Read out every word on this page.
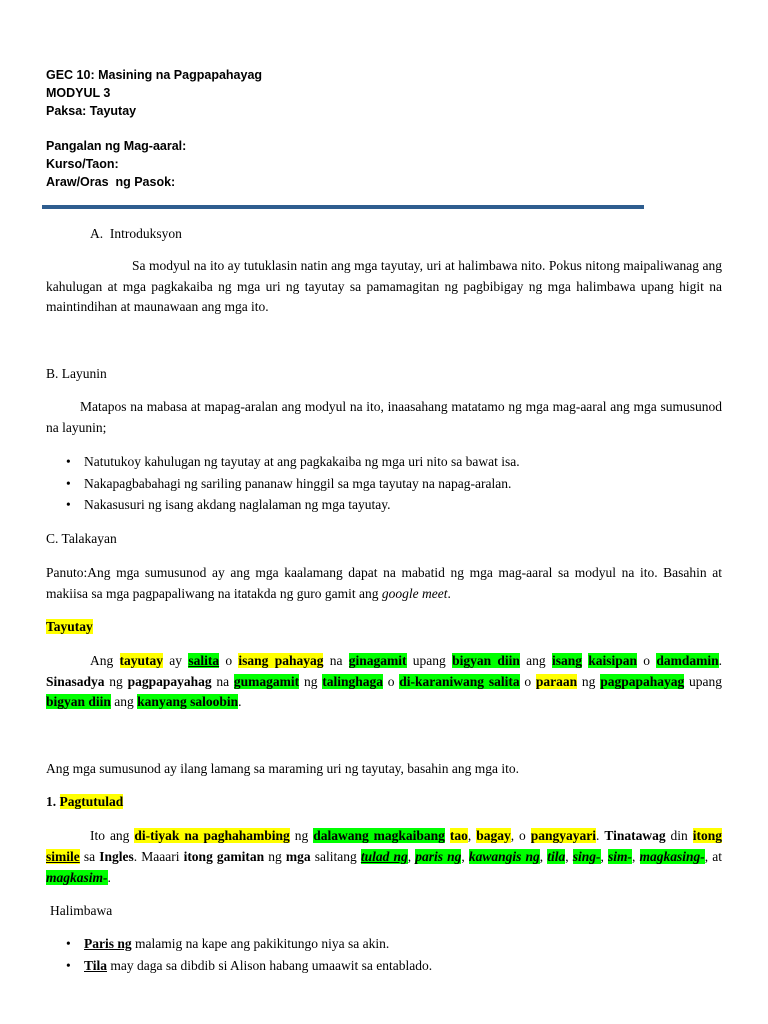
GEC 10: Masining na Pagpapahayag
MODYUL 3
Paksa: Tayutay
Pangalan ng Mag-aaral:
Kurso/Taon:
Araw/Oras  ng Pasok:
A.  Introduksyon
Sa modyul na ito ay tutuklasin natin ang mga tayutay, uri at halimbawa nito. Pokus nitong maipaliwanag ang kahulugan at mga pagkakaiba ng mga uri ng tayutay sa pamamagitan ng pagbibigay ng mga halimbawa upang higit na maintindihan at maunawaan ang mga ito.
B. Layunin
Matapos na mabasa at mapag-aralan ang modyul na ito, inaasahang matatamo ng mga mag-aaral ang mga sumusunod na layunin;
• Natutukoy kahulugan ng tayutay at ang pagkakaiba ng mga uri nito sa bawat isa.
• Nakapagbabahagi ng sariling pananaw hinggil sa mga tayutay na napag-aralan.
• Nakasusuri ng isang akdang naglalaman ng mga tayutay.
C. Talakayan
Panuto:Ang mga sumusunod ay ang mga kaalamang dapat na mabatid ng mga mag-aaral sa modyul na ito. Basahin at makiisa sa mga pagpapaliwang na itatakda ng guro gamit ang google meet.
Tayutay
Ang tayutay ay salita o isang pahayag na ginagamit upang bigyan diin ang isang kaisipan o damdamin. Sinasadya ng pagpapayahag na gumagamit ng talinghaga o di-karaniwang salita o paraan ng pagpapahayag upang bigyan diin ang kanyang saloobin.
Ang mga sumusunod ay ilang lamang sa maraming uri ng tayutay, basahin ang mga ito.
1. Pagtutulad
Ito ang di-tiyak na paghahambing ng dalawang magkaibang tao, bagay, o pangyayari. Tinatawag din itong simile sa Ingles. Maaari itong gamitan ng mga salitang tulad ng, paris ng, kawangis ng, tila, sing-, sim-, magkasing-, at magkasim-.
Halimbawa
• Paris ng malamig na kape ang pakikitungo niya sa akin.
• Tila may daga sa dibdib si Alison habang umaawit sa entablado.
